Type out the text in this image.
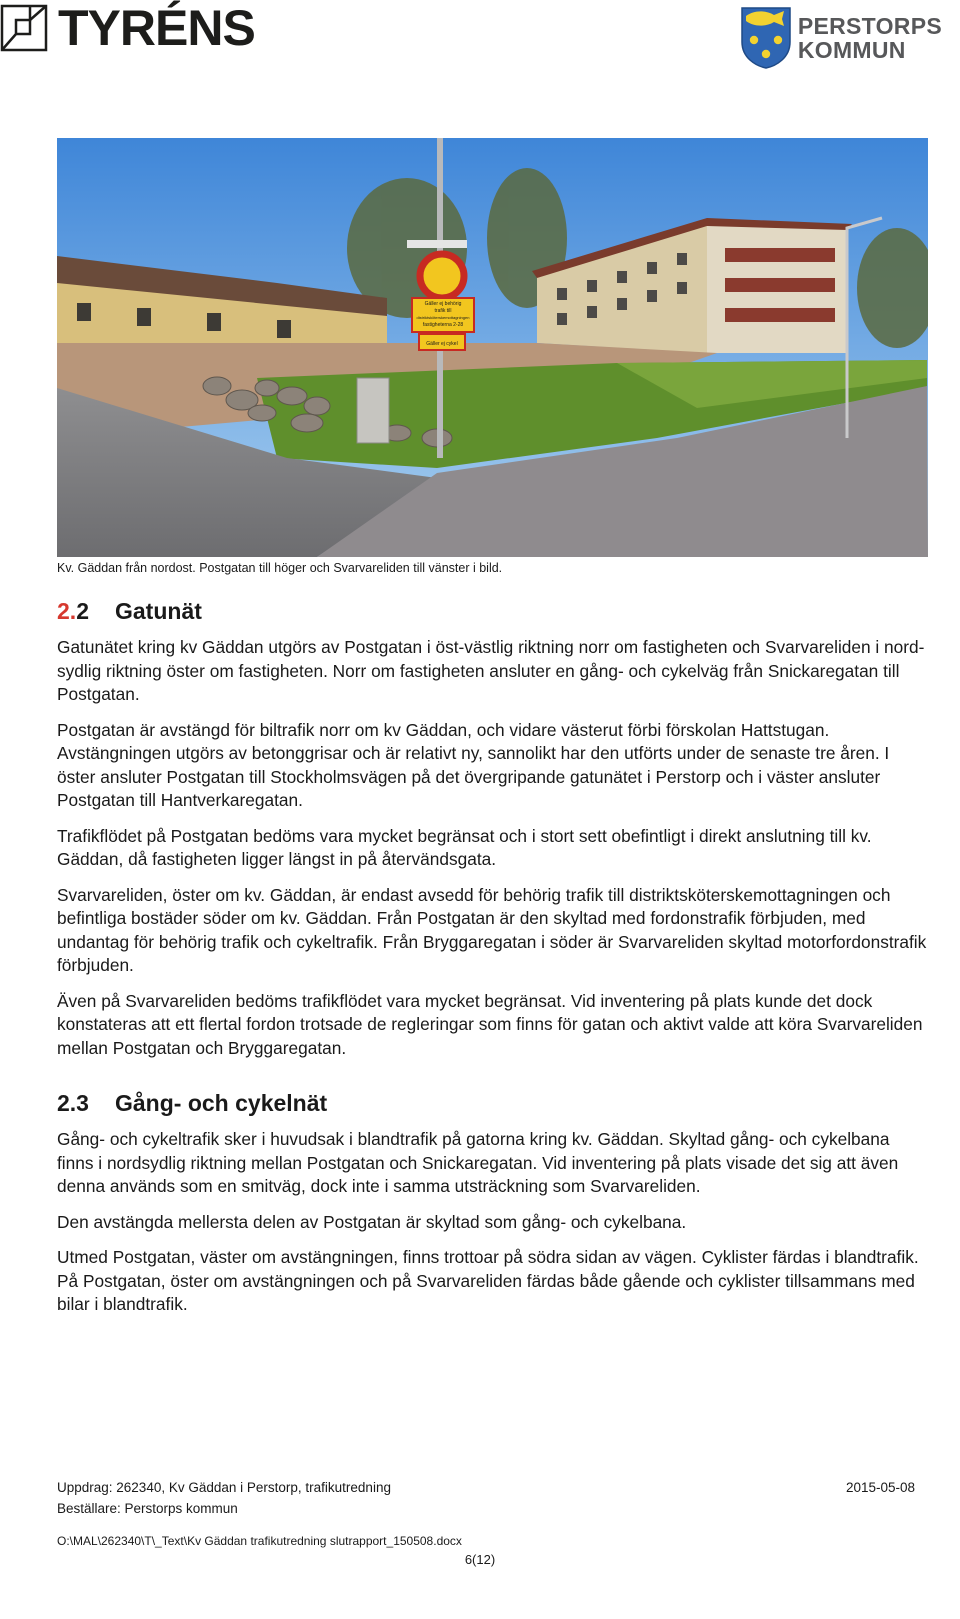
TYRÉNS	PERSTORPS
KOMMUN
Gäller ej behörig
trafik till
distriktsköterskemottagningen
fastigheterna 2-28
Gäller ej cykel
Kv. Gäddan från nordost. Postgatan till höger och Svarvareliden till vänster i bild.
2.2	Gatunät

Gatunätet kring kv Gäddan utgörs av Postgatan i öst-västlig riktning norr om fastigheten och Svarvareliden i nord-sydlig riktning öster om fastigheten. Norr om fastigheten ansluter en gång- och cykelväg från Snickaregatan till Postgatan.

Postgatan är avstängd för biltrafik norr om kv Gäddan, och vidare västerut förbi förskolan Hattstugan. Avstängningen utgörs av betonggrisar och är relativt ny, sannolikt har den utförts under de senaste tre åren. I öster ansluter Postgatan till Stockholmsvägen på det övergripande gatunätet i Perstorp och i väster ansluter Postgatan till Hantverkaregatan.

Trafikflödet på Postgatan bedöms vara mycket begränsat och i stort sett obefintligt i direkt anslutning till kv. Gäddan, då fastigheten ligger längst in på återvändsgata.

Svarvareliden, öster om kv. Gäddan, är endast avsedd för behörig trafik till distriktsköterskemottagningen och befintliga bostäder söder om kv. Gäddan. Från Postgatan är den skyltad med fordonstrafik förbjuden, med undantag för behörig trafik och cykeltrafik. Från Bryggaregatan i söder är Svarvareliden skyltad motorfordonstrafik förbjuden.

Även på Svarvareliden bedöms trafikflödet vara mycket begränsat. Vid inventering på plats kunde det dock konstateras att ett flertal fordon trotsade de regleringar som finns för gatan och aktivt valde att köra Svarvareliden mellan Postgatan och Bryggaregatan.

2.3	Gång- och cykelnät

Gång- och cykeltrafik sker i huvudsak i blandtrafik på gatorna kring kv. Gäddan. Skyltad gång- och cykelbana finns i nordsydlig riktning mellan Postgatan och Snickaregatan. Vid inventering på plats visade det sig att även denna används som en smitväg, dock inte i samma utsträckning som Svarvareliden.

Den avstängda mellersta delen av Postgatan är skyltad som gång- och cykelbana.

Utmed Postgatan, väster om avstängningen, finns trottoar på södra sidan av vägen. Cyklister färdas i blandtrafik. På Postgatan, öster om avstängningen och på Svarvareliden färdas både gående och cyklister tillsammans med bilar i blandtrafik.

Uppdrag: 262340, Kv Gäddan i Perstorp, trafikutredning	2015-05-08
Beställare: Perstorps kommun
O:\MAL\262340\T\_Text\Kv Gäddan trafikutredning slutrapport_150508.docx
6(12)
